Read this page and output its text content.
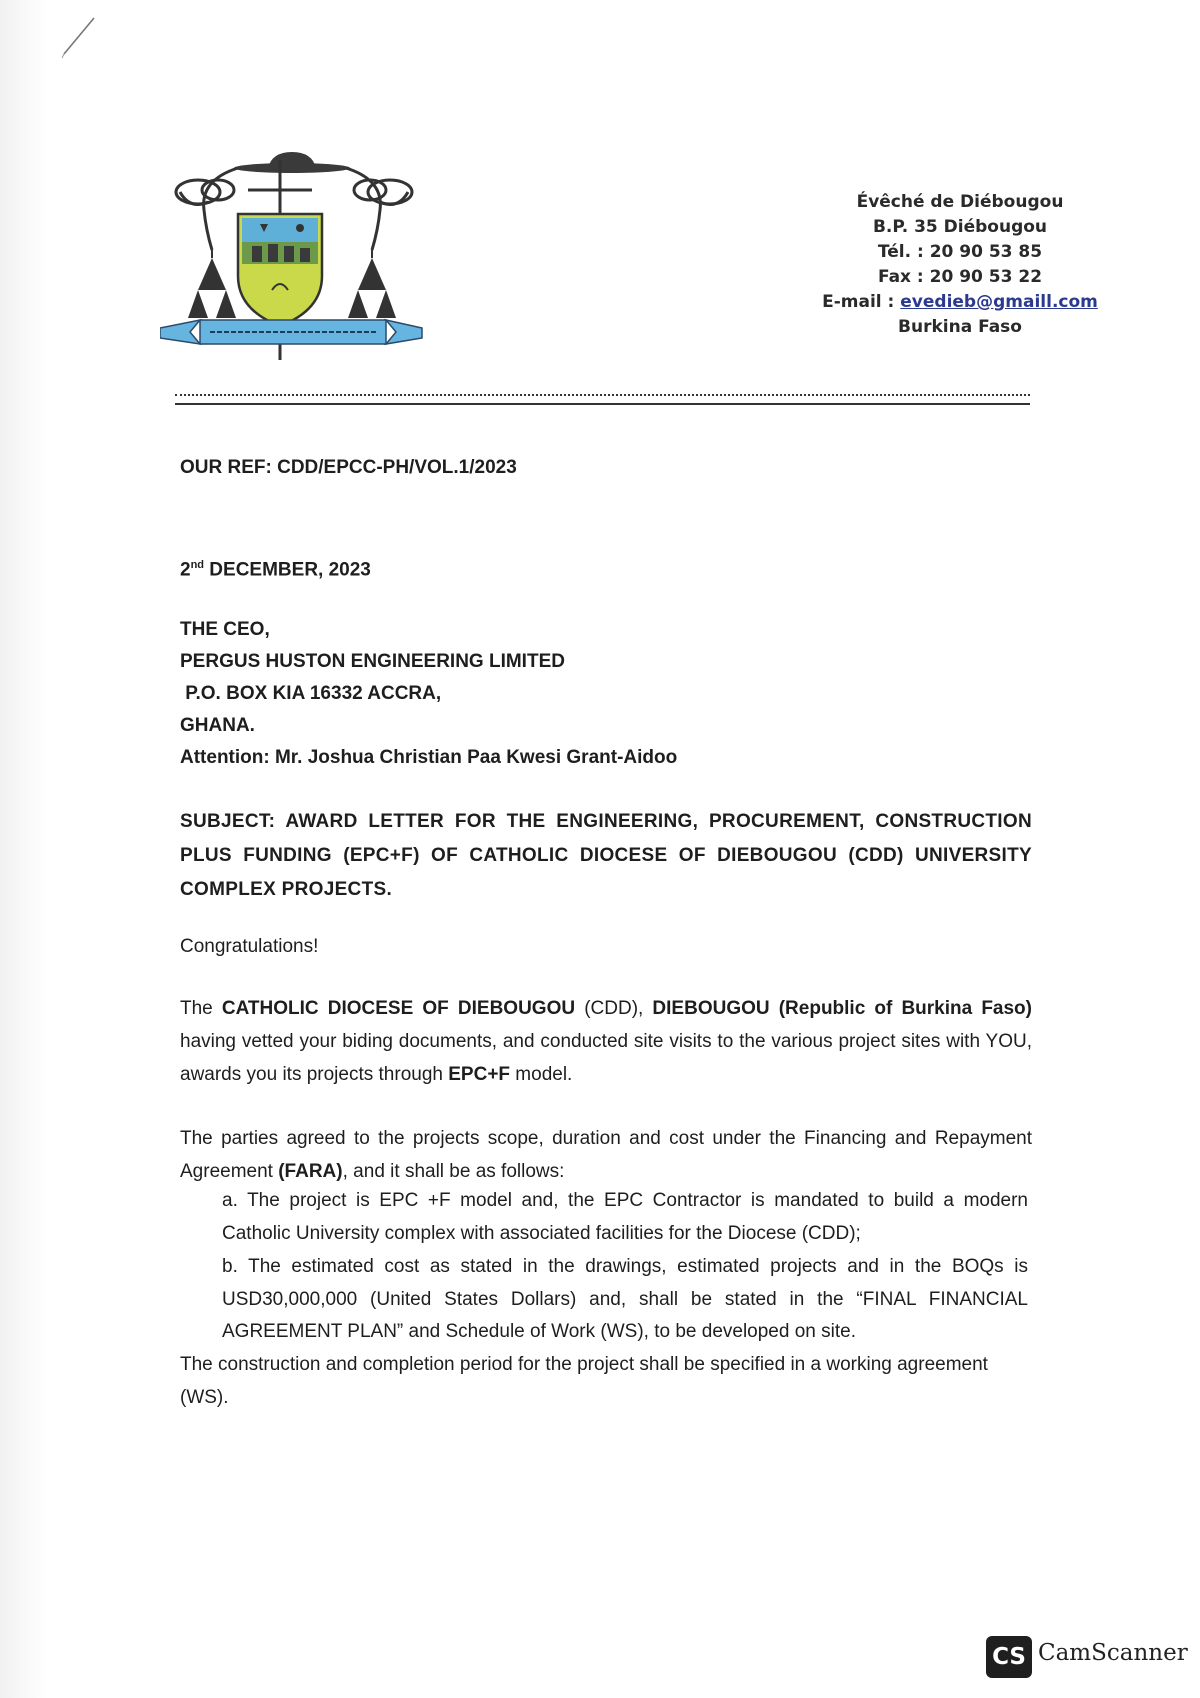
Évêché de Diébougou
B.P. 35 Diébougou
Tél. : 20 90 53 85
Fax : 20 90 53 22
E-mail : evedieb@gmaill.com
Burkina Faso
OUR REF: CDD/EPCC-PH/VOL.1/2023
2nd DECEMBER, 2023
THE CEO,
PERGUS HUSTON ENGINEERING LIMITED
P.O. BOX KIA 16332 ACCRA,
GHANA.
Attention: Mr. Joshua Christian Paa Kwesi Grant-Aidoo
SUBJECT: AWARD LETTER FOR THE ENGINEERING, PROCUREMENT, CONSTRUCTION PLUS FUNDING (EPC+F) OF CATHOLIC DIOCESE OF DIEBOUGOU (CDD) UNIVERSITY COMPLEX PROJECTS.
Congratulations!
The CATHOLIC DIOCESE OF DIEBOUGOU (CDD), DIEBOUGOU (Republic of Burkina Faso) having vetted your biding documents, and conducted site visits to the various project sites with YOU, awards you its projects through EPC+F model.
The parties agreed to the projects scope, duration and cost under the Financing and Repayment Agreement (FARA), and it shall be as follows:
a. The project is EPC +F model and, the EPC Contractor is mandated to build a modern Catholic University complex with associated facilities for the Diocese (CDD);
b. The estimated cost as stated in the drawings, estimated projects and in the BOQs is USD30,000,000 (United States Dollars) and, shall be stated in the “FINAL FINANCIAL AGREEMENT PLAN” and Schedule of Work (WS), to be developed on site.
The construction and completion period for the project shall be specified in a working agreement (WS).
CS CamScanner
